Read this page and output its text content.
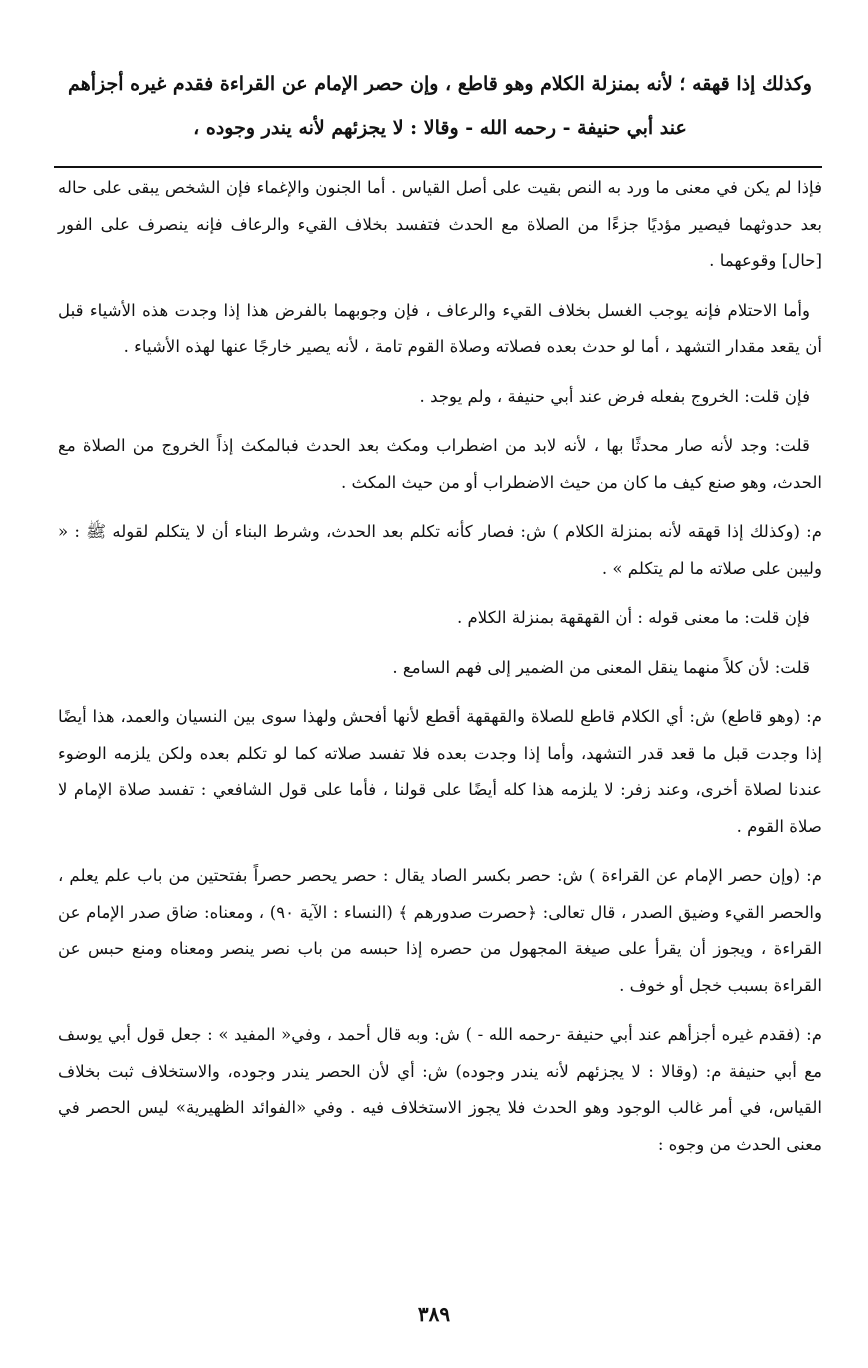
وكذلك إذا قهقه ؛ لأنه بمنزلة الكلام وهو قاطع ، وإن حصر الإمام عن القراءة فقدم غيره أجزأهم

عند أبي حنيفة - رحمه الله - وقالا : لا يجزئهم لأنه يندر وجوده ،

فإذا لم يكن في معنى ما ورد به النص بقيت على أصل القياس . أما الجنون والإغماء فإن الشخص يبقى على حاله بعد حدوثهما فيصير مؤديًا جزءًا من الصلاة مع الحدث فتفسد بخلاف القيء والرعاف فإنه ينصرف على الفور [حال] وقوعهما .

وأما الاحتلام فإنه يوجب الغسل بخلاف القيء والرعاف ، فإن وجوبهما بالفرض هذا إذا وجدت هذه الأشياء قبل أن يقعد مقدار التشهد ، أما لو حدث بعده فصلاته وصلاة القوم تامة ، لأنه يصير خارجًا عنها لهذه الأشياء .

فإن قلت: الخروج بفعله فرض عند أبي حنيفة ، ولم يوجد .

قلت: وجد لأنه صار محدثًا بها ، لأنه لابد من اضطراب ومكث بعد الحدث فبالمكث إذاً الخروج من الصلاة مع الحدث، وهو صنع كيف ما كان من حيث الاضطراب أو من حيث المكث .

م: (وكذلك إذا قهقه لأنه بمنزلة الكلام ) ش: فصار كأنه تكلم بعد الحدث، وشرط البناء أن لا يتكلم لقوله ﷺ : « وليبن على صلاته ما لم يتكلم » .

فإن قلت: ما معنى قوله : أن القهقهة بمنزلة الكلام .

قلت: لأن كلاً منهما ينقل المعنى من الضمير إلى فهم السامع .

م: (وهو قاطع) ش: أي الكلام قاطع للصلاة والقهقهة أقطع لأنها أفحش ولهذا سوى بين النسيان والعمد، هذا أيضًا إذا وجدت قبل ما قعد قدر التشهد، وأما إذا وجدت بعده فلا تفسد صلاته كما لو تكلم بعده ولكن يلزمه الوضوء عندنا لصلاة أخرى، وعند زفر: لا يلزمه هذا كله أيضًا على قولنا ، فأما على قول الشافعي : تفسد صلاة الإمام لا صلاة القوم .

م: (وإن حصر الإمام عن القراءة ) ش: حصر بكسر الصاد يقال : حصر يحصر حصراً بفتحتين من باب علم يعلم ، والحصر القيء وضيق الصدر ، قال تعالى: ﴿حصرت صدورهم ﴾ (النساء : الآية ٩٠) ، ومعناه: ضاق صدر الإمام عن القراءة ، ويجوز أن يقرأ على صيغة المجهول من حصره إذا حبسه من باب نصر ينصر ومعناه ومنع حبس عن القراءة بسبب خجل أو خوف .

م: (فقدم غيره أجزأهم عند أبي حنيفة -رحمه الله - ) ش: وبه قال أحمد ، وفي« المفيد » : جعل قول أبي يوسف مع أبي حنيفة م: (وقالا : لا يجزئهم لأنه يندر وجوده) ش: أي لأن الحصر يندر وجوده، والاستخلاف ثبت بخلاف القياس، في أمر غالب الوجود وهو الحدث فلا يجوز الاستخلاف فيه . وفي «الفوائد الظهيرية» ليس الحصر في معنى الحدث من وجوه :

٣٨٩
